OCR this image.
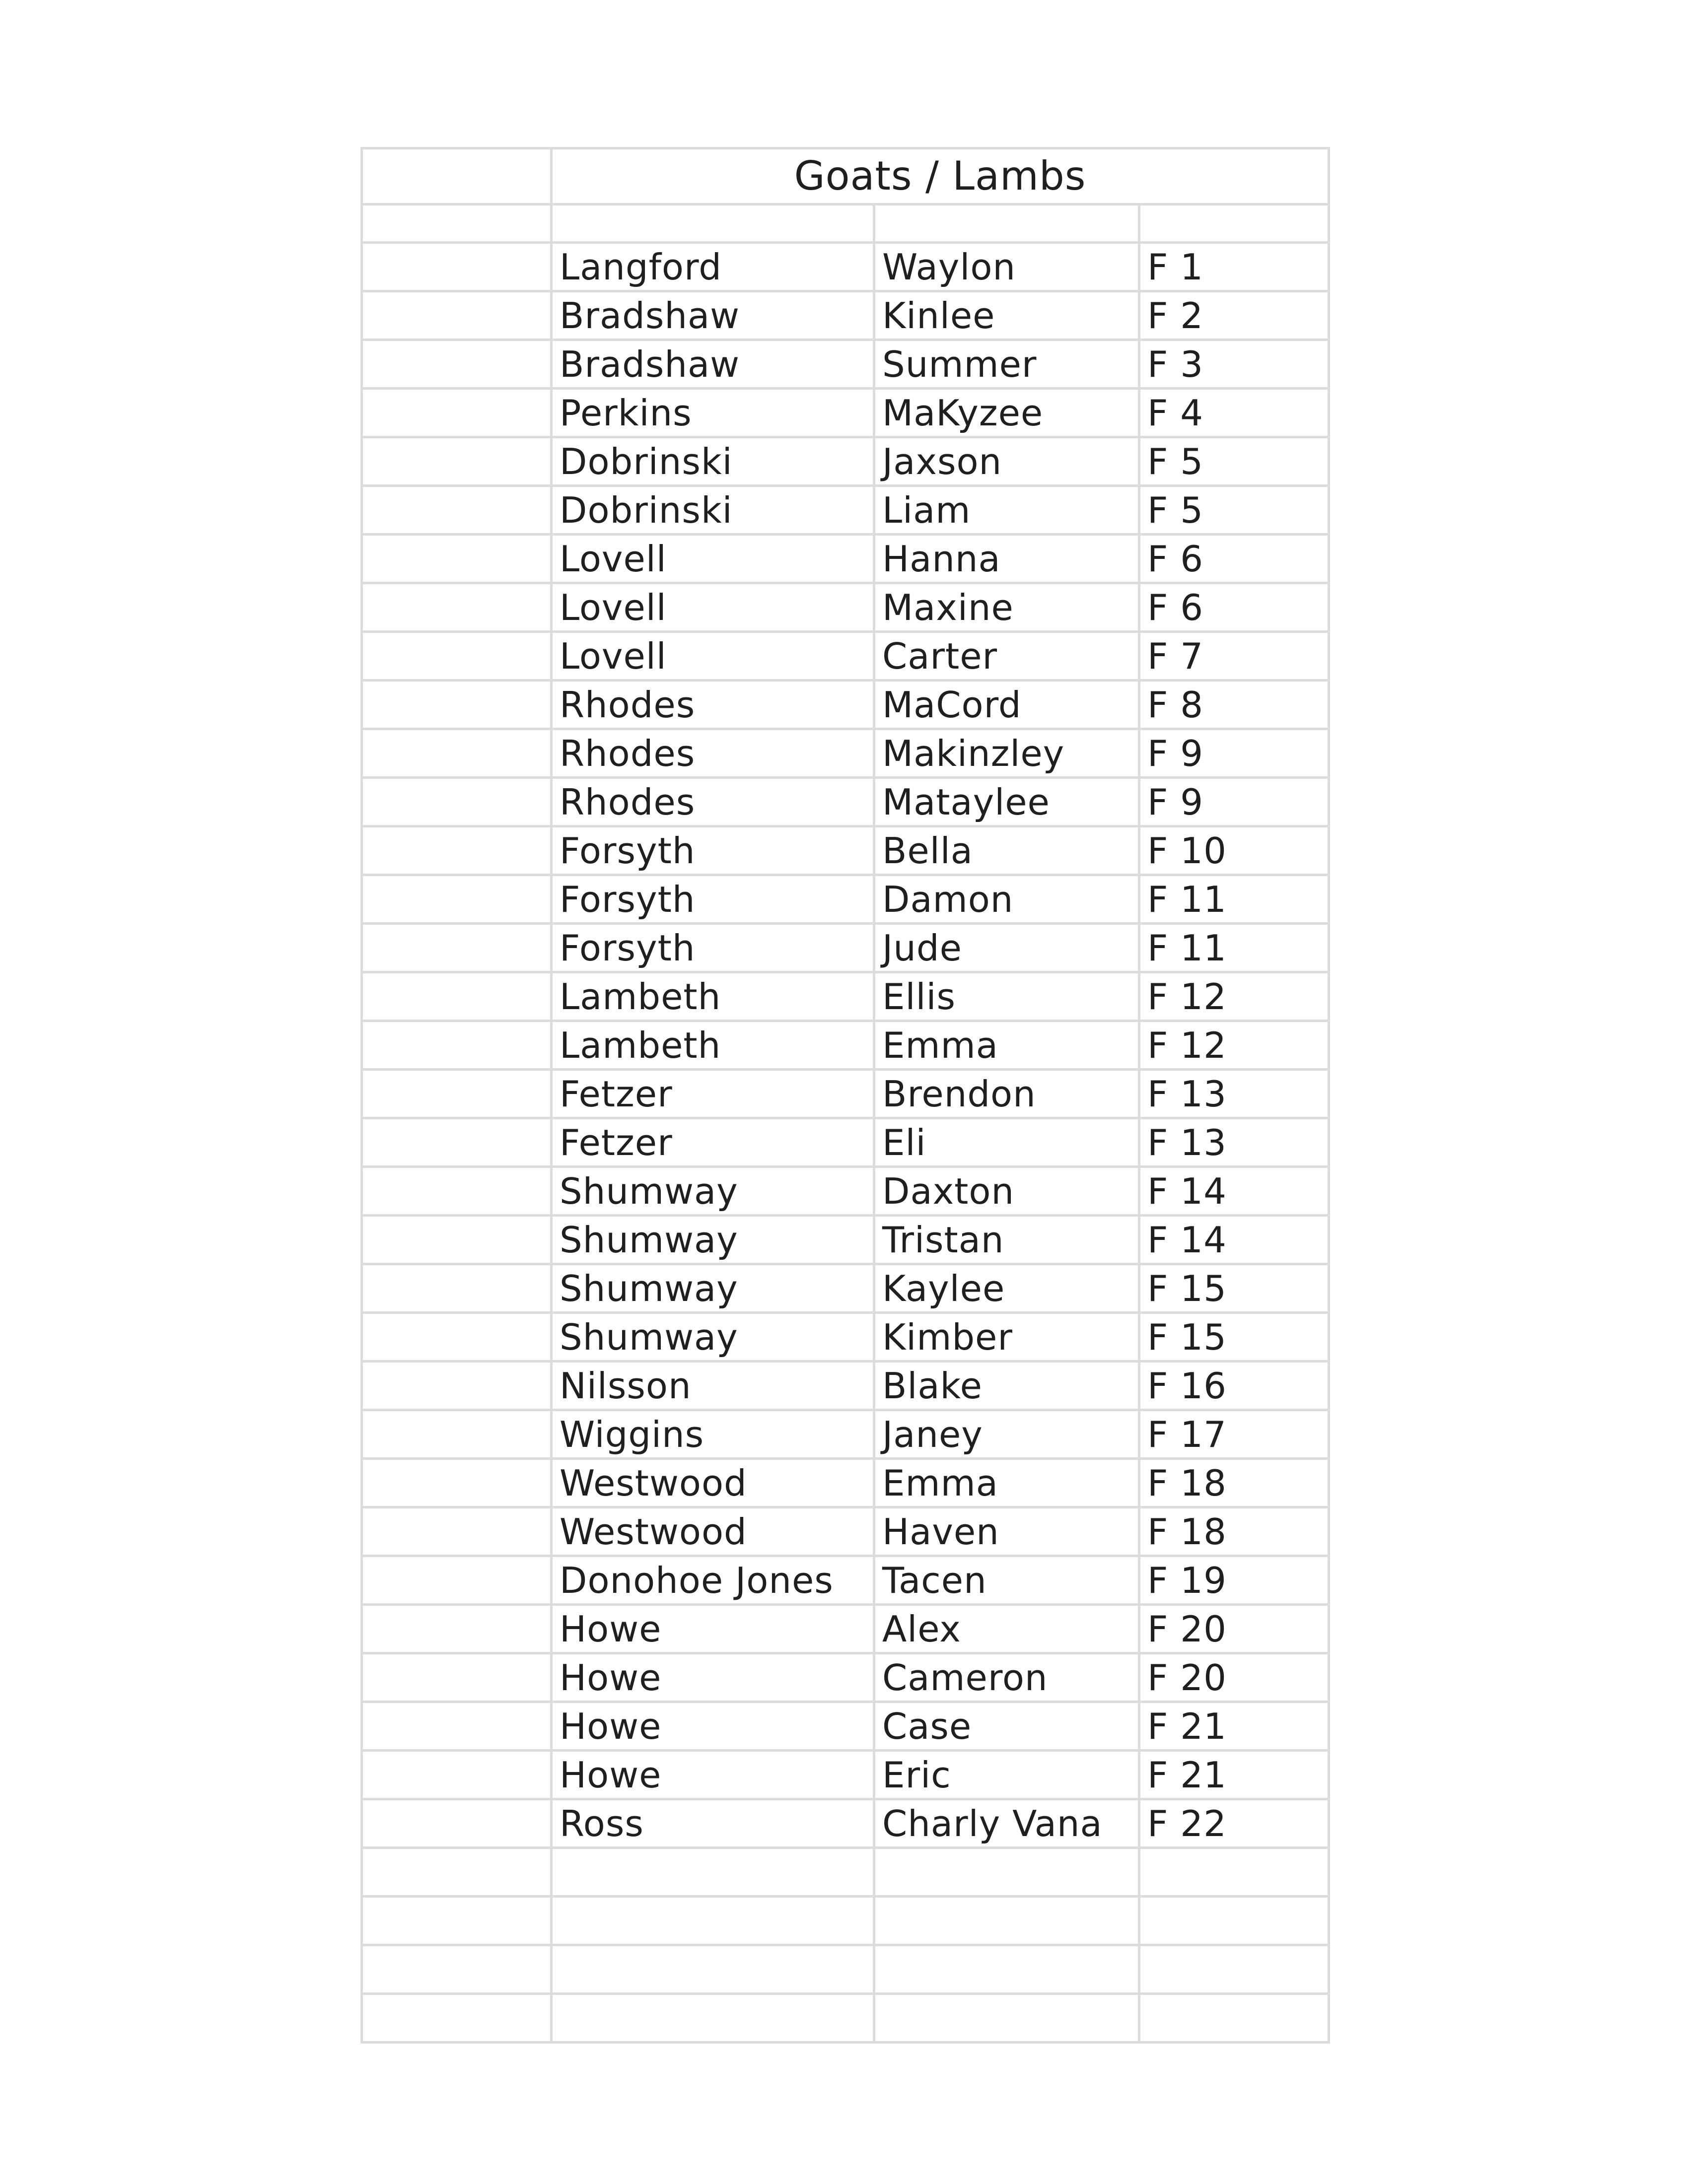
	Goats / Lambs		

	Langford	Waylon	F 1
	Bradshaw	Kinlee	F 2
	Bradshaw	Summer	F 3
	Perkins	MaKyzee	F 4
	Dobrinski	Jaxson	F 5
	Dobrinski	Liam	F 5
	Lovell	Hanna	F 6
	Lovell	Maxine	F 6
	Lovell	Carter	F 7
	Rhodes	MaCord	F 8
	Rhodes	Makinzley	F 9
	Rhodes	Mataylee	F 9
	Forsyth	Bella	F 10
	Forsyth	Damon	F 11
	Forsyth	Jude	F 11
	Lambeth	Ellis	F 12
	Lambeth	Emma	F 12
	Fetzer	Brendon	F 13
	Fetzer	Eli	F 13
	Shumway	Daxton	F 14
	Shumway	Tristan	F 14
	Shumway	Kaylee	F 15
	Shumway	Kimber	F 15
	Nilsson	Blake	F 16
	Wiggins	Janey	F 17
	Westwood	Emma	F 18
	Westwood	Haven	F 18
	Donohoe Jones	Tacen	F 19
	Howe	Alex	F 20
	Howe	Cameron	F 20
	Howe	Case	F 21
	Howe	Eric	F 21
	Ross	Charly Vana	F 22
